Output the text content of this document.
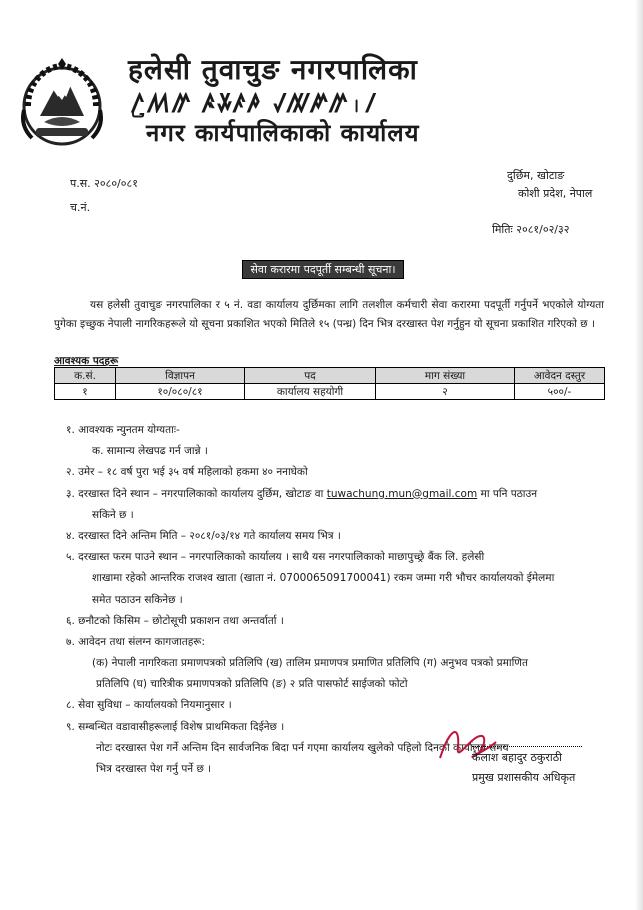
हलेसी तुवाचुङ नगरपालिका
ꤱ꤬ꤵꤼ ꤴꤸꤰꤳ ꤶꤲꤺꤼ꤯ꤷ
नगर कार्यपालिकाको कार्यालय
प.स. २०८०/०८१
च.नं.
दुर्छिम, खोटाङ
कोशी प्रदेश, नेपाल
मितिः २०८१/०२/३२
सेवा करारमा पदपूर्ती सम्बन्धी सूचना।
यस हलेसी तुवाचुङ नगरपालिका र ५ नं. वडा कार्यालय दुर्छिमका लागि तलशील कर्मचारी सेवा करारमा पदपूर्ती गर्नुपर्ने भएकोले योग्यता पुगेका इच्छुक नेपाली नागरिकहरूले यो सूचना प्रकाशित भएको मितिले १५ (पन्ध्र) दिन भित्र दरखास्त पेश गर्नुहुन यो सूचना प्रकाशित गरिएको छ ।
आवश्यक पदहरू
क.सं.	विज्ञापन	पद	माग संख्या	आवेदन दस्तुर
१	१०/०८०/८१	कार्यालय सहयोगी	२	५००/-
१. आवश्यक न्युनतम योग्यताः-
क. सामान्य लेखपढ गर्न जान्ने ।
२. उमेर – १८ वर्ष पुरा भई ३५ वर्ष महिलाको हकमा ४० ननाघेको
३. दरखास्त दिने स्थान – नगरपालिकाको कार्यालय दुर्छिम, खोटाङ वा tuwachung.mun@gmail.com मा पनि पठाउन
सकिने छ ।
४. दरखास्त दिने अन्तिम मिति – २०८१/०३/१४ गते कार्यालय समय भित्र ।
५. दरखास्त फरम पाउने स्थान – नगरपालिकाको कार्यालय । साथै यस नगरपालिकाको माछापुच्छ्रे बैंक लि. हलेसी
शाखामा रहेको आन्तरिक राजश्व खाता (खाता नं. 0700065091700041) रकम जम्मा गरी भौचर कार्यालयको ईमेलमा
समेत पठाउन सकिनेछ ।
६. छनौटको किसिम – छोटोसूची प्रकाशन तथा अन्तर्वार्ता ।
७. आवेदन तथा संलग्न कागजातहरू:
(क) नेपाली नागरिकता प्रमाणपत्रको प्रतिलिपि (ख) तालिम प्रमाणपत्र प्रमाणित प्रतिलिपि (ग) अनुभव पत्रको प्रमाणित
प्रतिलिपि (घ) चारित्रीक प्रमाणपत्रको प्रतिलिपि (ङ) २ प्रति पासफोर्ट साईजको फोटो
८. सेवा सुविधा – कार्यालयको नियमानुसार ।
९. सम्बन्धित वडावासीहरूलाई विशेष प्राथमिकता दिईनेछ ।
नोटः दरखास्त पेश गर्ने अन्तिम दिन सार्वजनिक बिदा पर्न गएमा कार्यालय खुलेको पहिलो दिनको कार्यालय समय
भित्र दरखास्त पेश गर्नु पर्ने छ ।
कैलाश बहादुर ठकुराठी
प्रमुख प्रशासकीय अधिकृत
